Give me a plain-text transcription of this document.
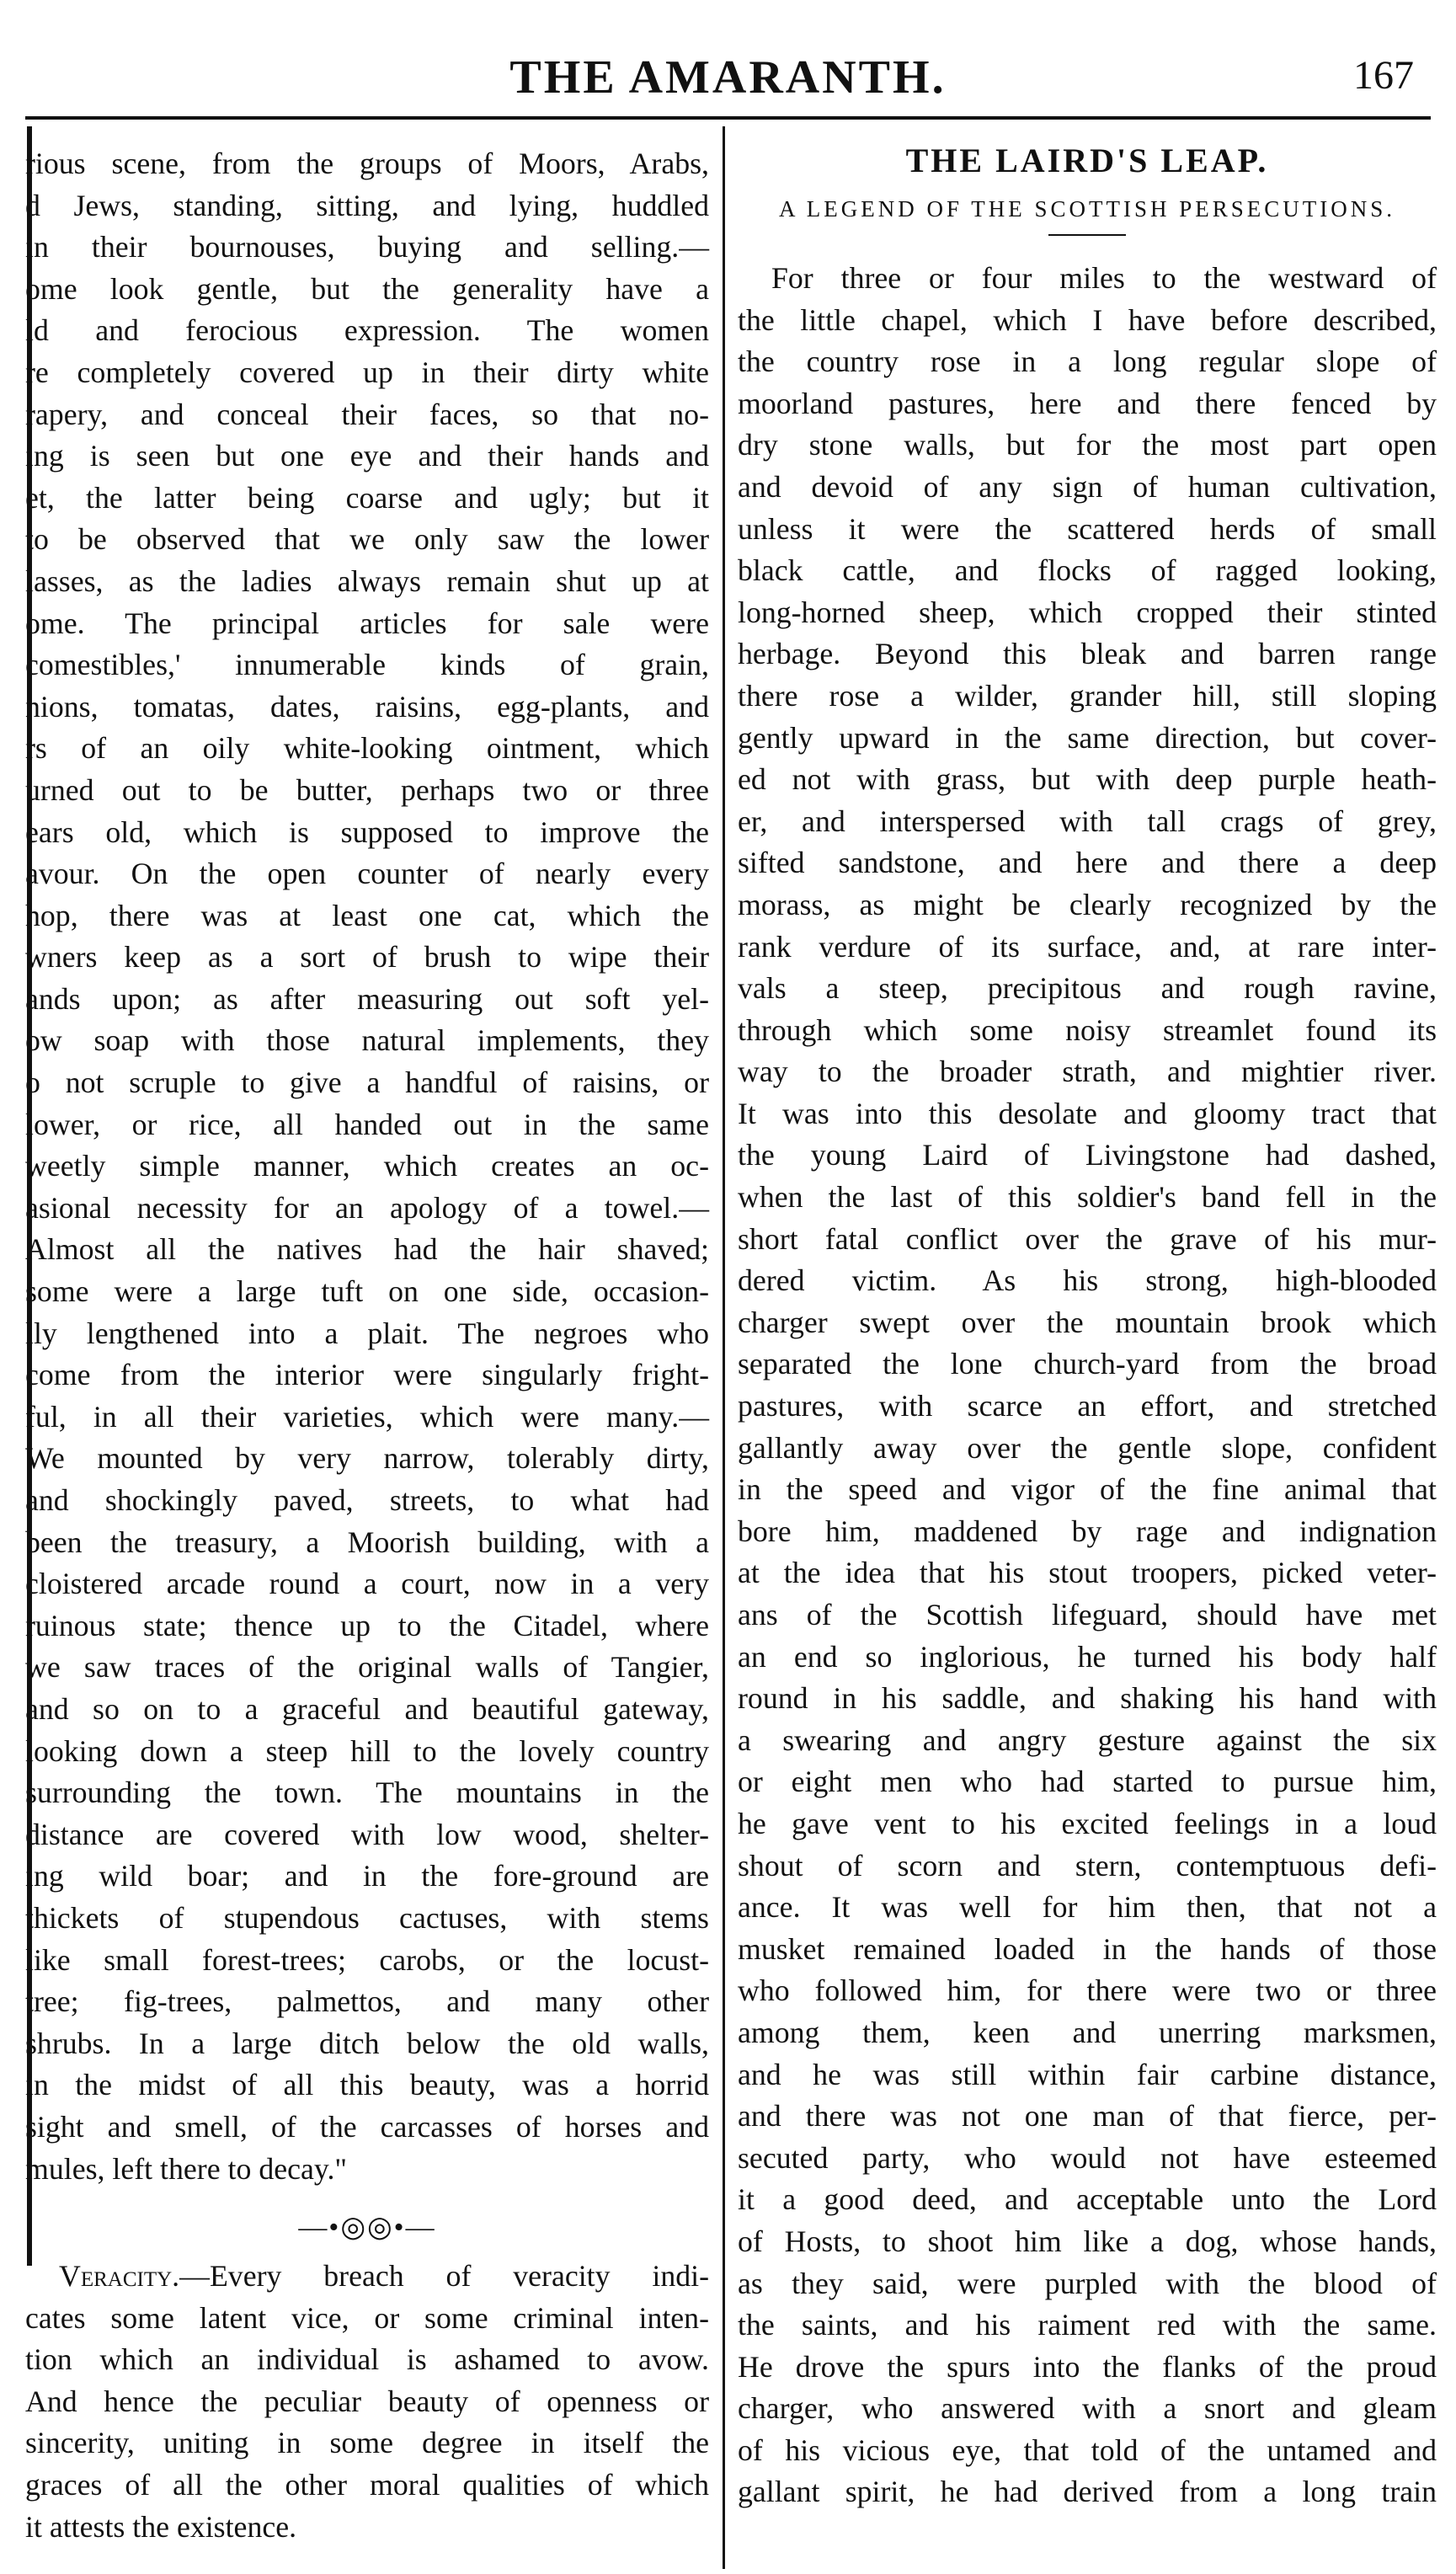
THE AMARANTH.	167
rious scene, from the groups of Moors, Arabs,
d Jews, standing, sitting, and lying, huddled
in their bournouses, buying and selling.—
ome look gentle, but the generality have a
ld and ferocious expression. The women
re completely covered up in their dirty white
rapery, and conceal their faces, so that no-
ing is seen but one eye and their hands and
et, the latter being coarse and ugly; but it
to be observed that we only saw the lower
lasses, as the ladies always remain shut up at
ome. The principal articles for sale were
comestibles,' innumerable kinds of grain,
nions, tomatas, dates, raisins, egg-plants, and
rs of an oily white-looking ointment, which
urned out to be butter, perhaps two or three
ears old, which is supposed to improve the
avour. On the open counter of nearly every
hop, there was at least one cat, which the
wners keep as a sort of brush to wipe their
ands upon; as after measuring out soft yel-
ow soap with those natural implements, they
o not scruple to give a handful of raisins, or
lower, or rice, all handed out in the same
weetly simple manner, which creates an oc-
asional necessity for an apology of a towel.—
Almost all the natives had the hair shaved;
some were a large tuft on one side, occasion-
lly lengthened into a plait. The negroes who
come from the interior were singularly fright-
ful, in all their varieties, which were many.—
We mounted by very narrow, tolerably dirty,
and shockingly paved, streets, to what had
been the treasury, a Moorish building, with a
cloistered arcade round a court, now in a very
ruinous state; thence up to the Citadel, where
we saw traces of the original walls of Tangier,
and so on to a graceful and beautiful gateway,
looking down a steep hill to the lovely country
surrounding the town. The mountains in the
distance are covered with low wood, shelter-
ing wild boar; and in the fore-ground are
thickets of stupendous cactuses, with stems
like small forest-trees; carobs, or the locust-
tree; fig-trees, palmettos, and many other
shrubs. In a large ditch below the old walls,
in the midst of all this beauty, was a horrid
sight and smell, of the carcasses of horses and
mules, left there to decay."
—•◎◎•—
Veracity.—Every breach of veracity indi-
cates some latent vice, or some criminal inten-
tion which an individual is ashamed to avow.
And hence the peculiar beauty of openness or
sincerity, uniting in some degree in itself the
graces of all the other moral qualities of which
it attests the existence.
THE LAIRD'S LEAP.
A LEGEND OF THE SCOTTISH PERSECUTIONS.
For three or four miles to the westward of
the little chapel, which I have before described,
the country rose in a long regular slope of
moorland pastures, here and there fenced by
dry stone walls, but for the most part open
and devoid of any sign of human cultivation,
unless it were the scattered herds of small
black cattle, and flocks of ragged looking,
long-horned sheep, which cropped their stinted
herbage. Beyond this bleak and barren range
there rose a wilder, grander hill, still sloping
gently upward in the same direction, but cover-
ed not with grass, but with deep purple heath-
er, and interspersed with tall crags of grey,
sifted sandstone, and here and there a deep
morass, as might be clearly recognized by the
rank verdure of its surface, and, at rare inter-
vals a steep, precipitous and rough ravine,
through which some noisy streamlet found its
way to the broader strath, and mightier river.
It was into this desolate and gloomy tract that
the young Laird of Livingstone had dashed,
when the last of this soldier's band fell in the
short fatal conflict over the grave of his mur-
dered victim. As his strong, high-blooded
charger swept over the mountain brook which
separated the lone church-yard from the broad
pastures, with scarce an effort, and stretched
gallantly away over the gentle slope, confident
in the speed and vigor of the fine animal that
bore him, maddened by rage and indignation
at the idea that his stout troopers, picked veter-
ans of the Scottish lifeguard, should have met
an end so inglorious, he turned his body half
round in his saddle, and shaking his hand with
a swearing and angry gesture against the six
or eight men who had started to pursue him,
he gave vent to his excited feelings in a loud
shout of scorn and stern, contemptuous defi-
ance. It was well for him then, that not a
musket remained loaded in the hands of those
who followed him, for there were two or three
among them, keen and unerring marksmen,
and he was still within fair carbine distance,
and there was not one man of that fierce, per-
secuted party, who would not have esteemed
it a good deed, and acceptable unto the Lord
of Hosts, to shoot him like a dog, whose hands,
as they said, were purpled with the blood of
the saints, and his raiment red with the same.
He drove the spurs into the flanks of the proud
charger, who answered with a snort and gleam
of his vicious eye, that told of the untamed and
gallant spirit, he had derived from a long train
